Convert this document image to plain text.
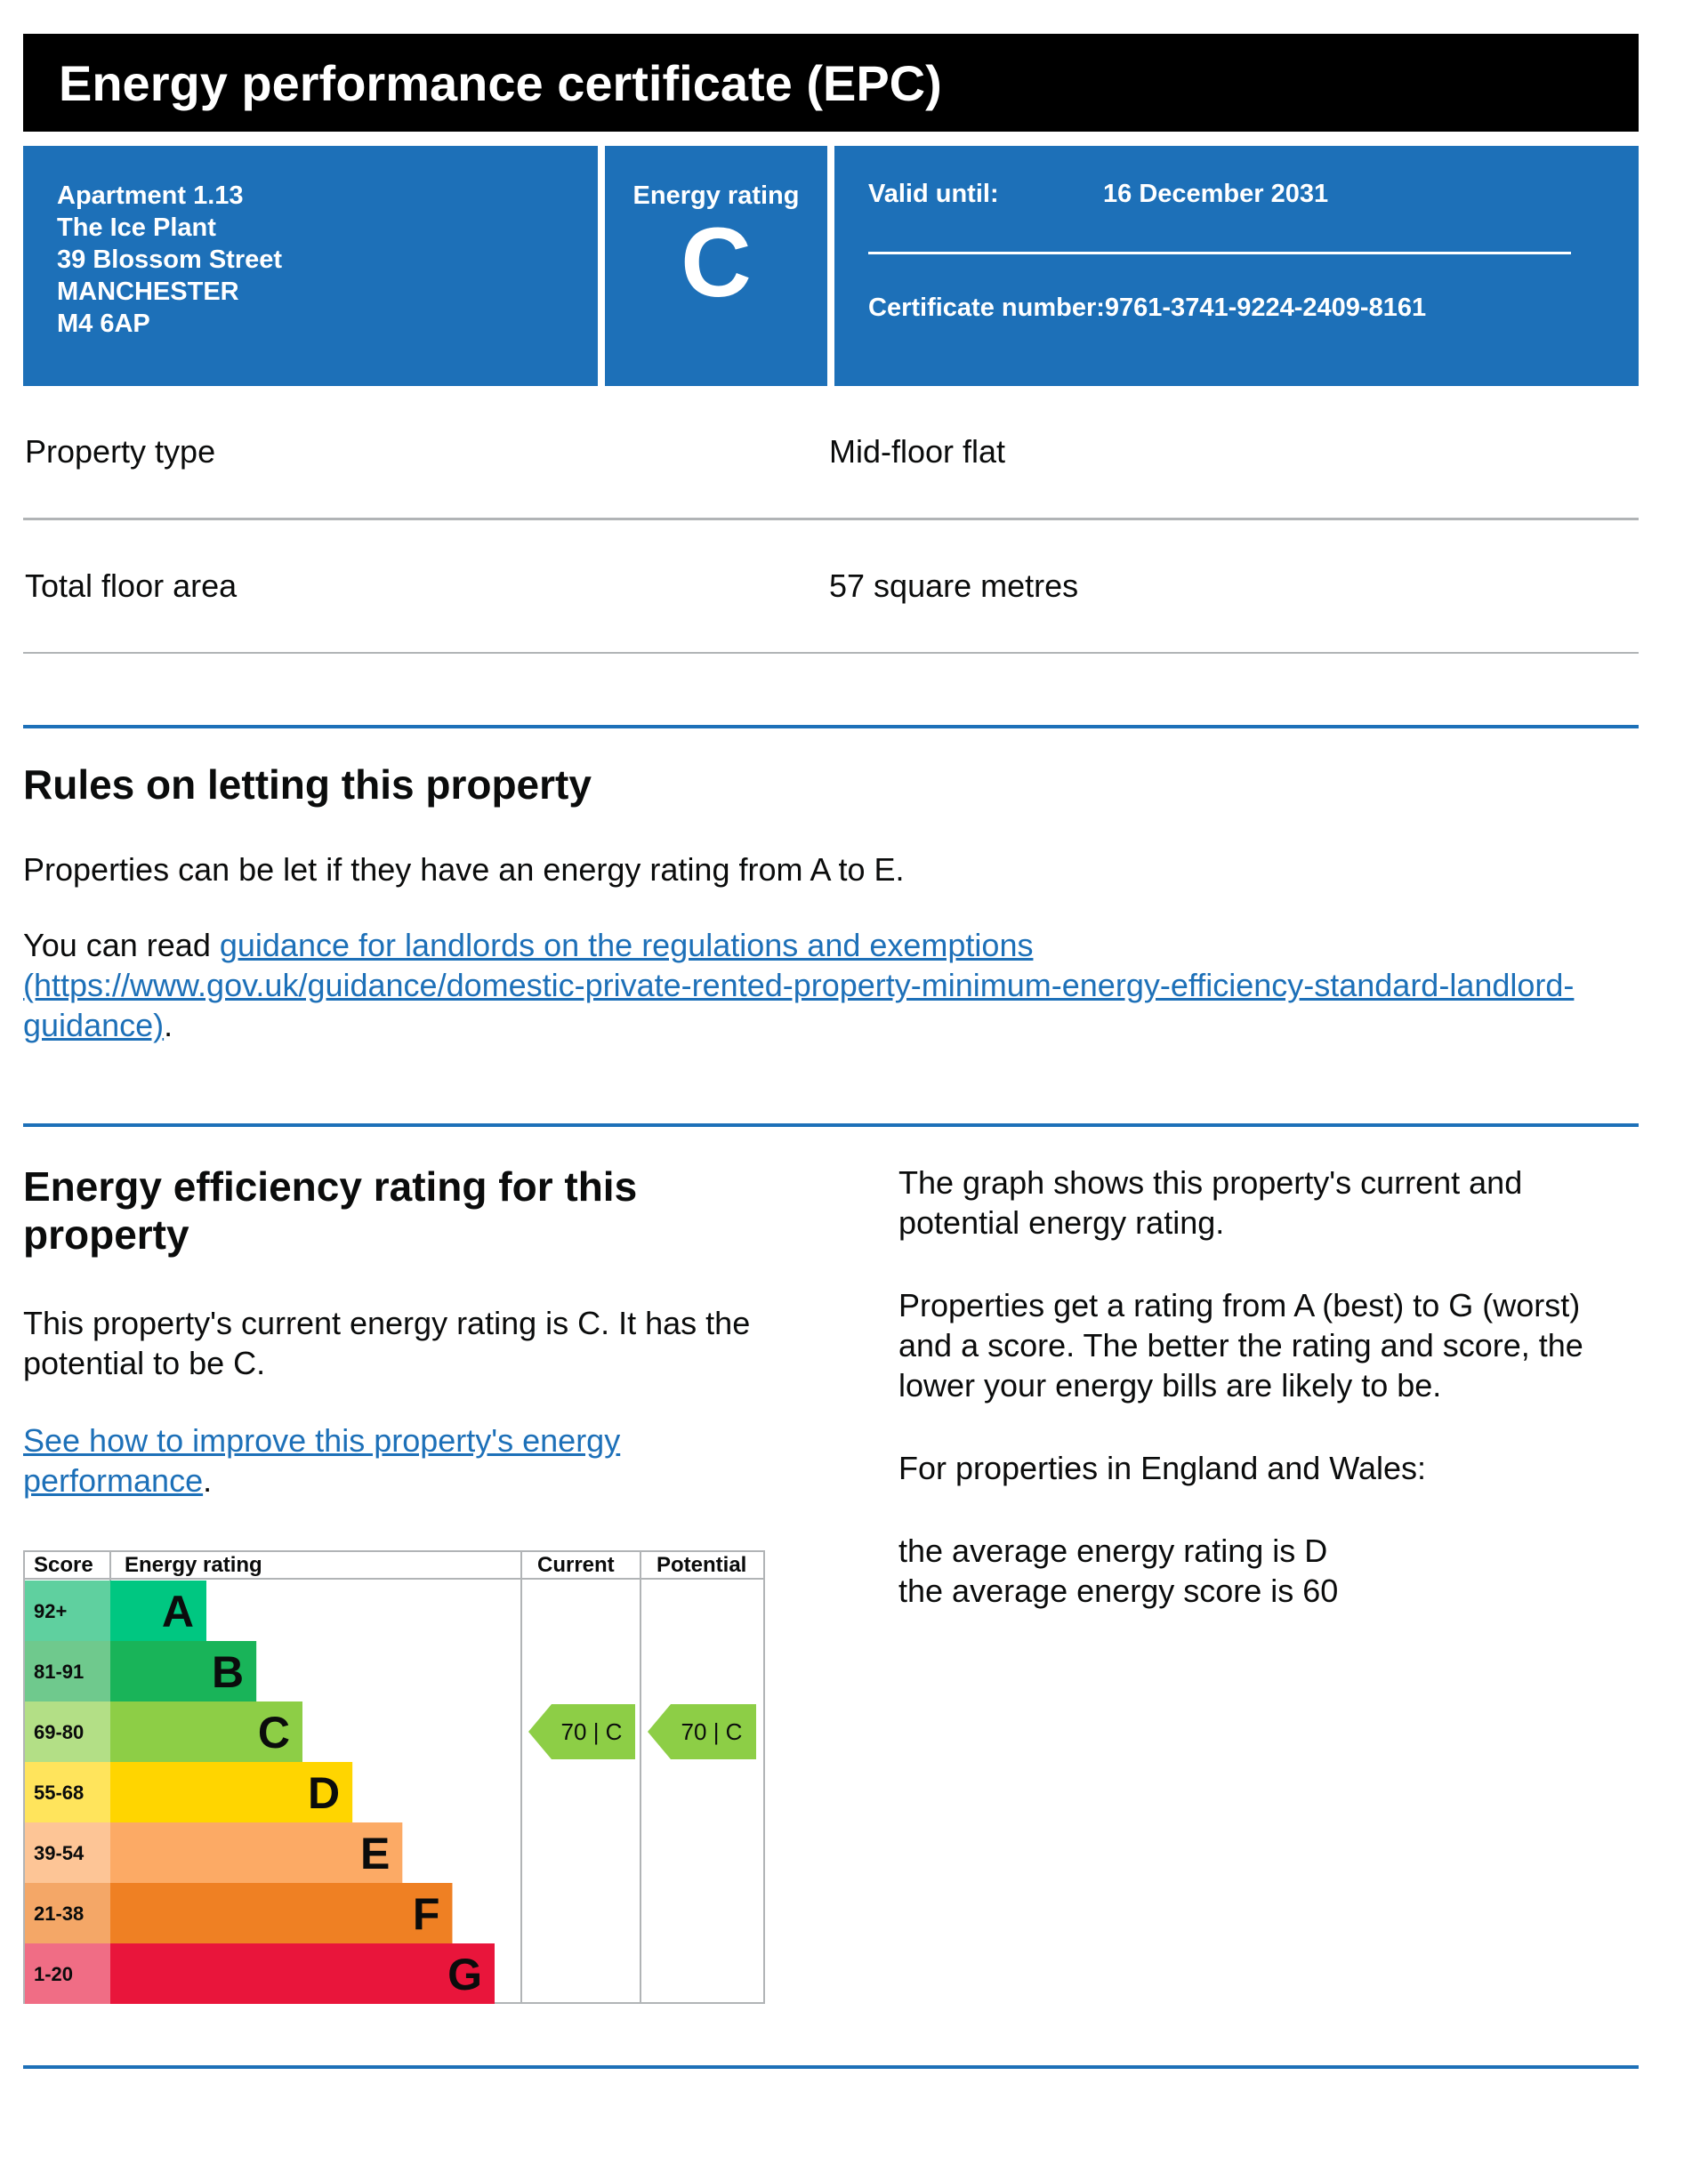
Energy performance certificate (EPC)
Apartment 1.13
The Ice Plant
39 Blossom Street
MANCHESTER
M4 6AP
Energy rating
C
Valid until:	16 December 2031
Certificate number:9761-3741-9224-2409-8161
Property type	Mid-floor flat
Total floor area	57 square metres
Rules on letting this property

Properties can be let if they have an energy rating from A to E.

You can read guidance for landlords on the regulations and exemptions
(https://www.gov.uk/guidance/domestic-private-rented-property-minimum-energy-efficiency-standard-landlord-guidance).

Energy efficiency rating for this property

This property's current energy rating is C. It has the potential to be C.

See how to improve this property's energy performance.

Score Energy rating	Current Potential
92+ A
81-91	B
69-80	C
55-68	D
39-54	E
21-38	F
1-20	G
70 | C	70 | C

The graph shows this property's current and potential energy rating.

Properties get a rating from A (best) to G (worst) and a score. The better the rating and score, the lower your energy bills are likely to be.

For properties in England and Wales:

the average energy rating is D

the average energy score is 60
